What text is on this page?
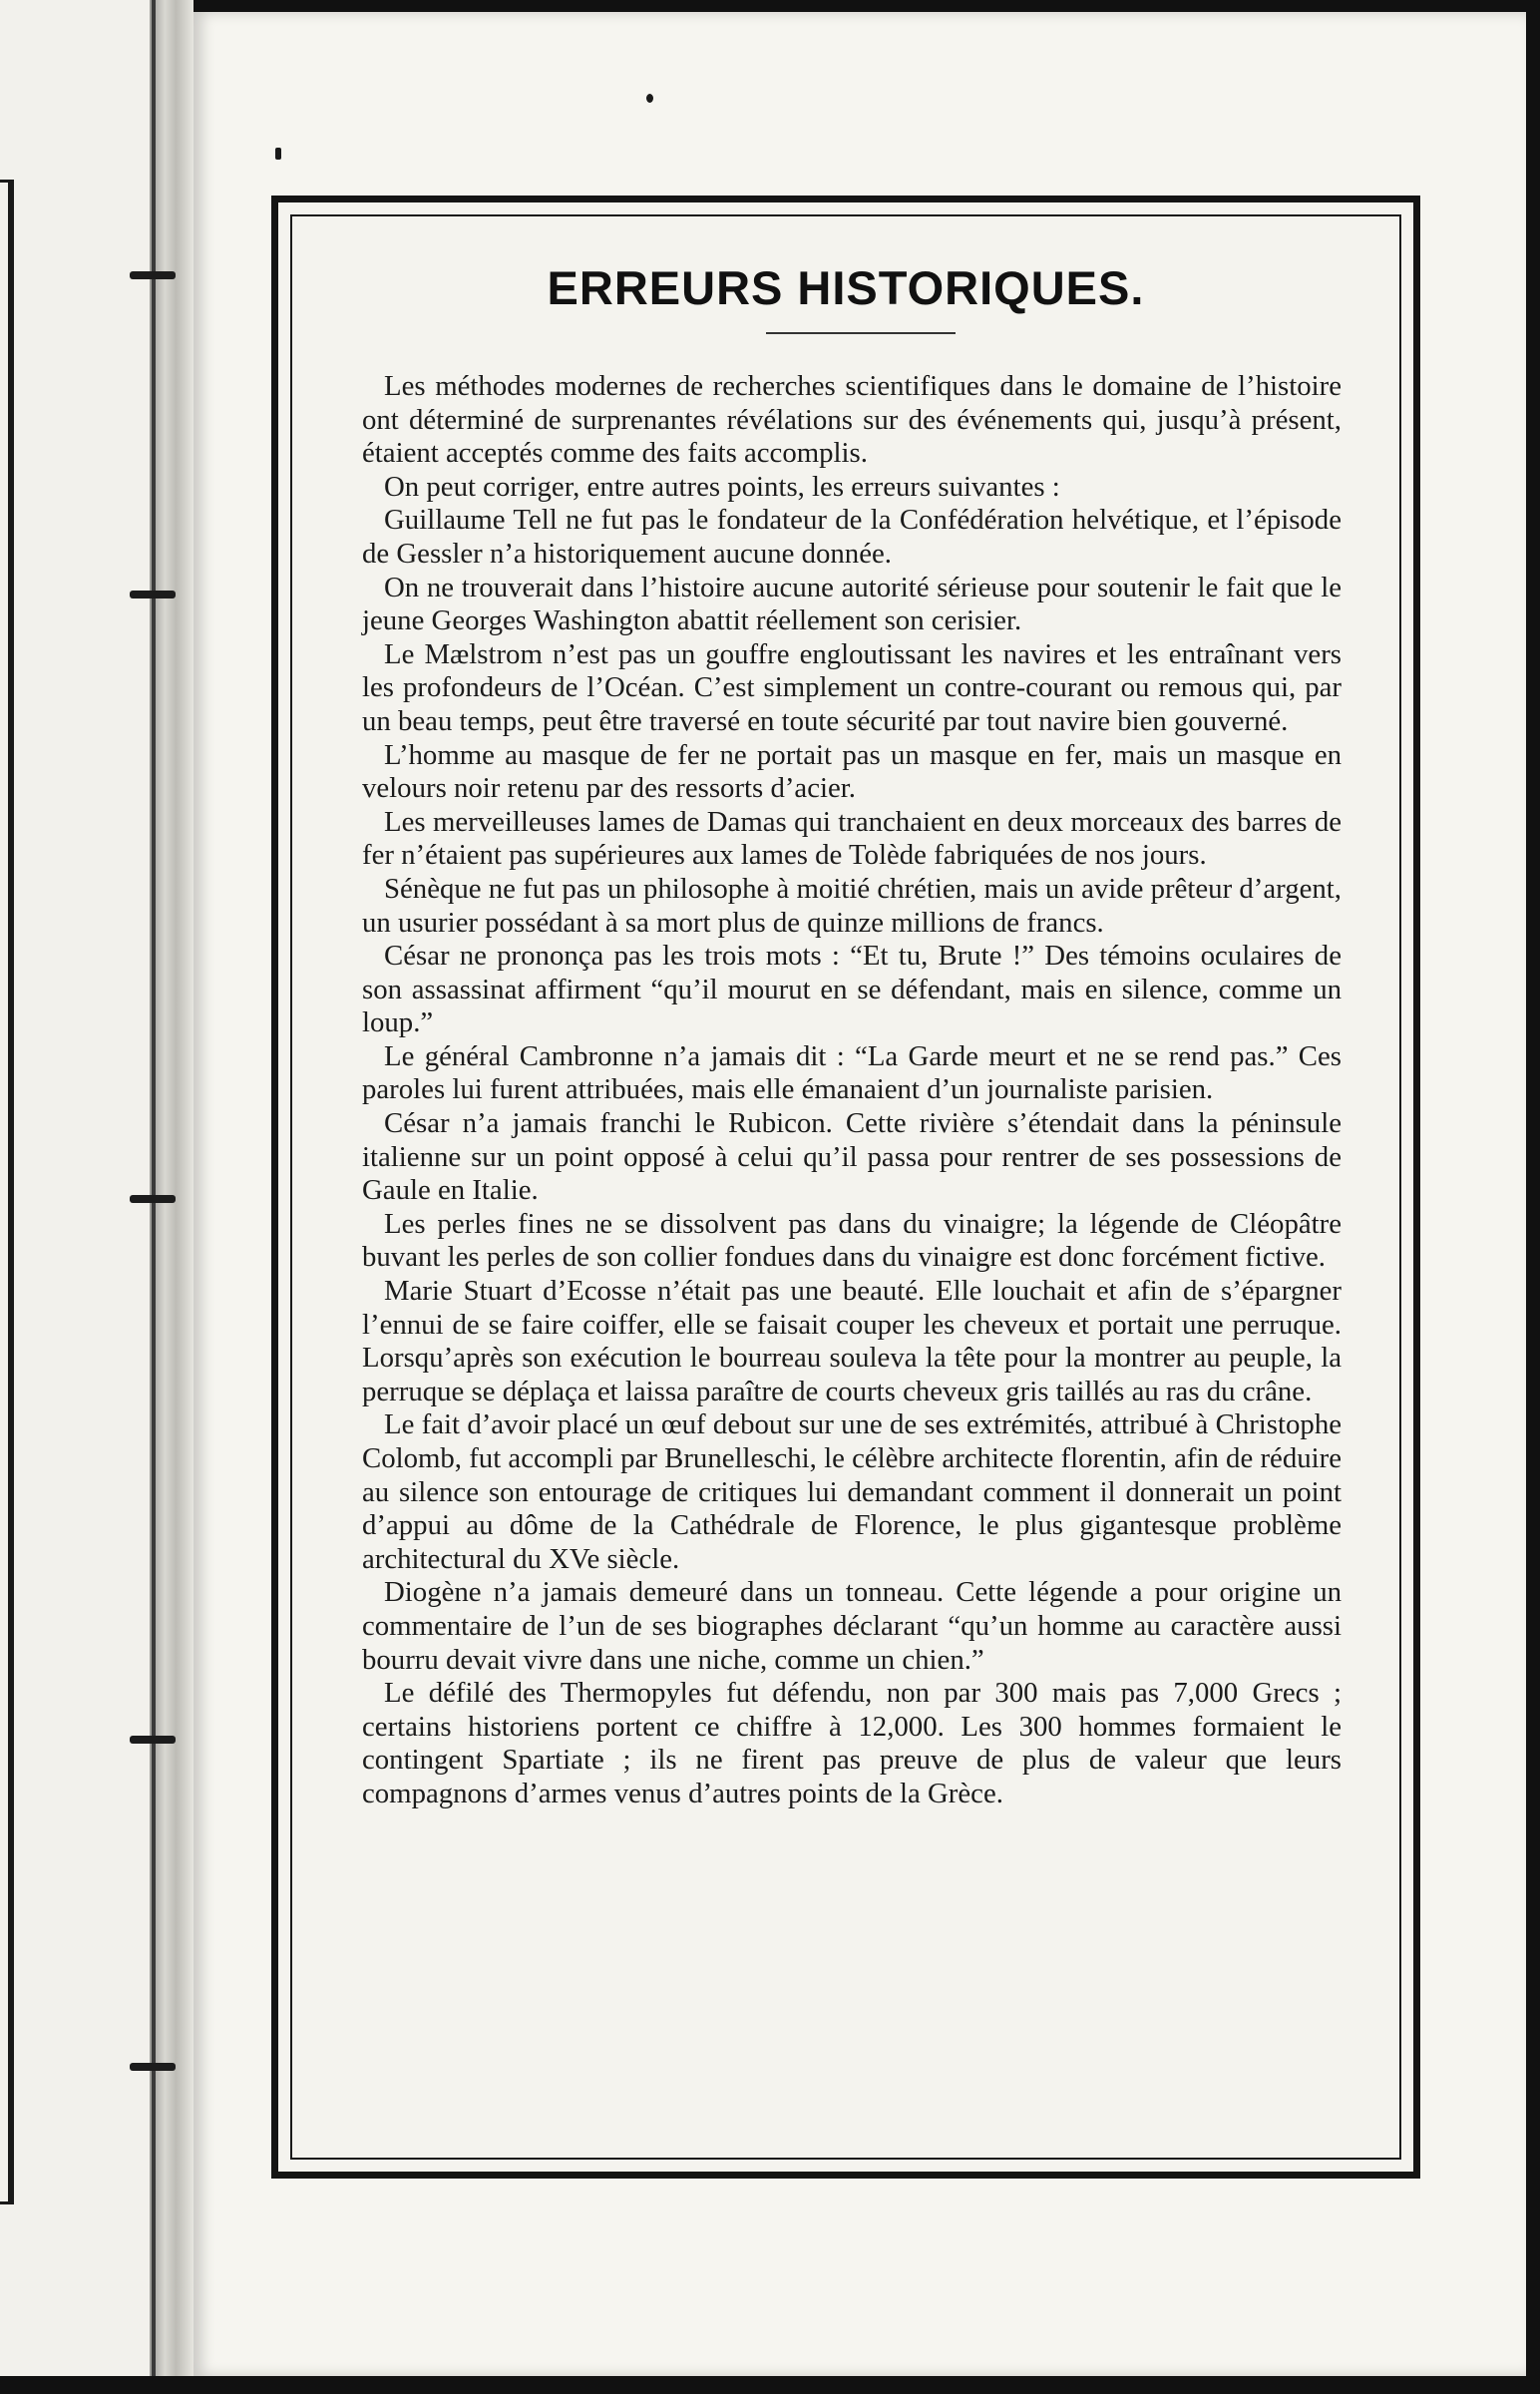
ERREURS HISTORIQUES.

Les méthodes modernes de recherches scientifiques dans le domaine de l’histoire ont déterminé de surprenantes révélations sur des événements qui, jusqu’à présent, étaient acceptés comme des faits accomplis.

On peut corriger, entre autres points, les erreurs suivantes :

Guillaume Tell ne fut pas le fondateur de la Confédération helvétique, et l’épisode de Gessler n’a historiquement aucune donnée.

On ne trouverait dans l’histoire aucune autorité sérieuse pour soutenir le fait que le jeune Georges Washington abattit réellement son cerisier.

Le Mælstrom n’est pas un gouffre engloutissant les navires et les entraînant vers les profondeurs de l’Océan. C’est simplement un contre-courant ou remous qui, par un beau temps, peut être traversé en toute sécurité par tout navire bien gouverné.

L’homme au masque de fer ne portait pas un masque en fer, mais un masque en velours noir retenu par des ressorts d’acier.

Les merveilleuses lames de Damas qui tranchaient en deux morceaux des barres de fer n’étaient pas supérieures aux lames de Tolède fabriquées de nos jours.

Sénèque ne fut pas un philosophe à moitié chrétien, mais un avide prêteur d’argent, un usurier possédant à sa mort plus de quinze millions de francs.

César ne prononça pas les trois mots : “Et tu, Brute !” Des témoins oculaires de son assassinat affirment “qu’il mourut en se défendant, mais en silence, comme un loup.”

Le général Cambronne n’a jamais dit : “La Garde meurt et ne se rend pas.” Ces paroles lui furent attribuées, mais elle émanaient d’un journaliste parisien.

César n’a jamais franchi le Rubicon. Cette rivière s’étendait dans la péninsule italienne sur un point opposé à celui qu’il passa pour rentrer de ses possessions de Gaule en Italie.

Les perles fines ne se dissolvent pas dans du vinaigre; la légende de Cléopâtre buvant les perles de son collier fondues dans du vinaigre est donc forcément fictive.

Marie Stuart d’Ecosse n’était pas une beauté. Elle louchait et afin de s’épargner l’ennui de se faire coiffer, elle se faisait couper les cheveux et portait une perruque. Lorsqu’après son exécution le bourreau souleva la tête pour la montrer au peuple, la perruque se déplaça et laissa paraître de courts cheveux gris taillés au ras du crâne.

Le fait d’avoir placé un œuf debout sur une de ses extrémités, attribué à Christophe Colomb, fut accompli par Brunelleschi, le célèbre architecte florentin, afin de réduire au silence son entourage de critiques lui demandant comment il donnerait un point d’appui au dôme de la Cathédrale de Florence, le plus gigantesque problème architectural du XVe siècle.

Diogène n’a jamais demeuré dans un tonneau. Cette légende a pour origine un commentaire de l’un de ses biographes déclarant “qu’un homme au caractère aussi bourru devait vivre dans une niche, comme un chien.”

Le défilé des Thermopyles fut défendu, non par 300 mais pas 7,000 Grecs ; certains historiens portent ce chiffre à 12,000. Les 300 hommes formaient le contingent Spartiate ; ils ne firent pas preuve de plus de valeur que leurs compagnons d’armes venus d’autres points de la Grèce.
